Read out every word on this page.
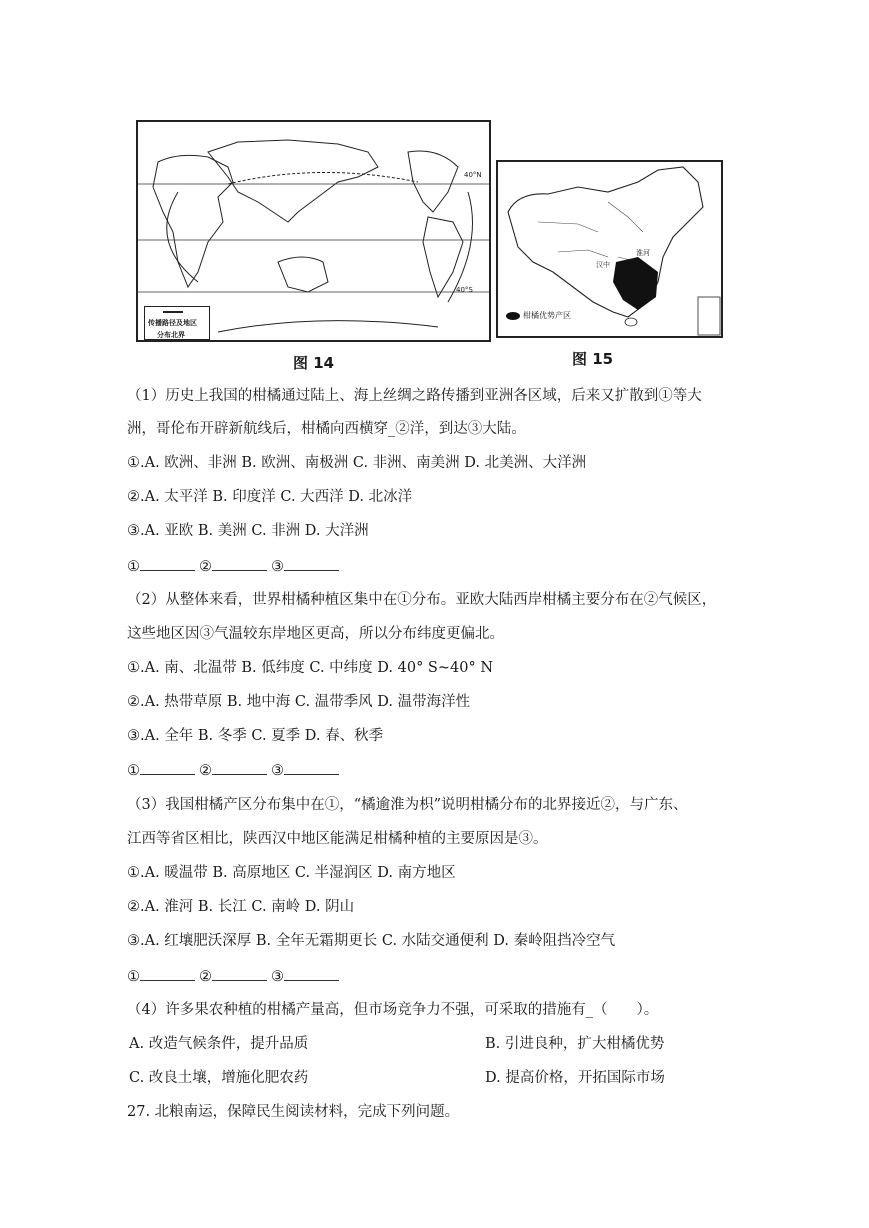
40°N
40°S
传播路径及地区
分布北界
汉中
淮河
柑橘优势产区
图 14	图 15
（1）历史上我国的柑橘通过陆上、海上丝绸之路传播到亚洲各区域，后来又扩散到①等大
洲，哥伦布开辟新航线后，柑橘向西横穿_②洋，到达③大陆。
①.A. 欧洲、非洲 B. 欧洲、南极洲 C. 非洲、南美洲 D. 北美洲、大洋洲
②.A. 太平洋 B. 印度洋 C. 大西洋 D. 北冰洋
③.A. 亚欧 B. 美洲 C. 非洲 D. 大洋洲
①	②	③
（2）从整体来看，世界柑橘种植区集中在①分布。亚欧大陆西岸柑橘主要分布在②气候区，
这些地区因③气温较东岸地区更高，所以分布纬度更偏北。
①.A. 南、北温带 B. 低纬度 C. 中纬度 D. 40° S~40° N
②.A. 热带草原 B. 地中海 C. 温带季风 D. 温带海洋性
③.A. 全年 B. 冬季 C. 夏季 D. 春、秋季
①	②	③
（3）我国柑橘产区分布集中在①，“橘逾淮为枳”说明柑橘分布的北界接近②，与广东、
江西等省区相比，陕西汉中地区能满足柑橘种植的主要原因是③。
①.A. 暖温带 B. 高原地区 C. 半湿润区 D. 南方地区
②.A. 淮河 B. 长江 C. 南岭 D. 阴山
③.A. 红壤肥沃深厚 B. 全年无霜期更长 C. 水陆交通便利 D. 秦岭阻挡冷空气
①	②	③
（4）许多果农种植的柑橘产量高，但市场竞争力不强，可采取的措施有_（　　）。
A. 改造气候条件，提升品质	B. 引进良种，扩大柑橘优势
C. 改良土壤，增施化肥农药	D. 提高价格，开拓国际市场
27. 北粮南运，保障民生阅读材料，完成下列问题。
